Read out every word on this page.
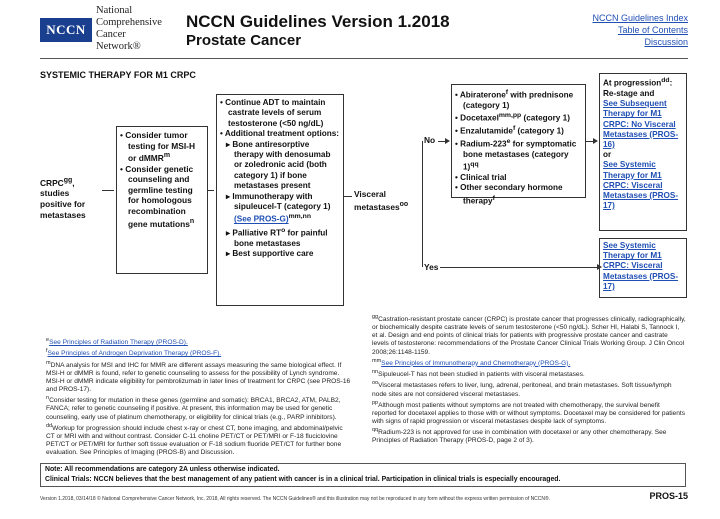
NCCN
National
Comprehensive
Cancer
Network®
NCCN Guidelines Version 1.2018
Prostate Cancer
NCCN Guidelines Index
Table of Contents
Discussion
SYSTEMIC THERAPY FOR M1 CRPC
$CRPC^{gg}$, studies positive for metastases
• Consider tumor testing for MSI-H or dMMR$^m$
• Consider genetic counseling and germline testing for homologous recombination gene mutations$^n$
• Continue ADT to maintain castrate levels of serum testosterone (<50 ng/dL)
• Additional treatment options:
▸ Bone antiresorptive therapy with denosumab or zoledronic acid (both category 1) if bone metastases present
▸ Immunotherapy with sipuleucel-T (category 1) (See PROS-G)$^{mm,nn}$
▸ Palliative $RT^o$ for painful bone metastases
▸ Best supportive care
Visceral metastases$^{oo}$
No
Yes
• Abiraterone$^f$ with prednisone (category 1)
• Docetaxel$^{mm,pp}$ (category 1)
• Enzalutamide$^f$ (category 1)
• Radium-223e for symptomatic bone metastases (category 1)$^{qq}$
• Clinical trial
• Other secondary hormone therapy$^f$
At progression$^{dd}$: Re-stage and
See Subsequent Therapy for M1 CRPC: No Visceral Metastases (PROS-16)
or
See Systemic Therapy for M1 CRPC: Visceral Metastases (PROS-17)
See Systemic Therapy for M1 CRPC: Visceral Metastases (PROS-17)

$^e$See Principles of Radiation Therapy (PROS-D).

$^f$See Principles of Androgen Deprivation Therapy (PROS-F).

$^m$DNA analysis for MSI and IHC for MMR are different assays measuring the same biological effect. If MSI-H or dMMR is found, refer to genetic counseling to assess for the possibility of Lynch syndrome. MSI-H or dMMR indicate eligibility for pembrolizumab in later lines of treatment for CRPC (see PROS-16 and PROS-17).

$^n$Consider testing for mutation in these genes (germline and somatic): BRCA1, BRCA2, ATM, PALB2, FANCA; refer to genetic counseling if positive. At present, this information may be used for genetic counseling, early use of platinum chemotherapy, or eligibility for clinical trials (e.g., PARP inhibitors).

$^{dd}$Workup for progression should include chest x-ray or chest CT, bone imaging, and abdominal/pelvic CT or MRI with and without contrast. Consider C-11 choline PET/CT or PET/MRI or F-18 fluciclovine PET/CT or PET/MRI for further soft tissue evaluation or F-18 sodium fluoride PET/CT for further bone evaluation. See Principles of Imaging (PROS-B) and Discussion.

$^{gg}$Castration-resistant prostate cancer (CRPC) is prostate cancer that progresses clinically, radiographically, or biochemically despite castrate levels of serum testosterone (<50 ng/dL). Scher HI, Halabi S, Tannock I, et al. Design and end points of clinical trials for patients with progressive prostate cancer and castrate levels of testosterone: recommendations of the Prostate Cancer Clinical Trials Working Group. J Clin Oncol 2008;26:1148-1159.

$^{mm}$See Principles of Immunotherapy and Chemotherapy (PROS-G).

$^{nn}$Sipuleucel-T has not been studied in patients with visceral metastases.

$^{oo}$Visceral metastases refers to liver, lung, adrenal, peritoneal, and brain metastases. Soft tissue/lymph node sites are not considered visceral metastases.

$^{pp}$Although most patients without symptoms are not treated with chemotherapy, the survival benefit reported for docetaxel applies to those with or without symptoms. Docetaxel may be considered for patients with signs of rapid progression or visceral metastases despite lack of symptoms.

$^{qq}$Radium-223 is not approved for use in combination with docetaxel or any other chemotherapy. See Principles of Radiation Therapy (PROS-D, page 2 of 3).

Note: All recommendations are category 2A unless otherwise indicated.
Clinical Trials: NCCN believes that the best management of any patient with cancer is in a clinical trial. Participation in clinical trials is especially encouraged.
Version 1.2018, 03/14/18 © National Comprehensive Cancer Network, Inc. 2018, All rights reserved. The NCCN Guidelines® and this illustration may not be reproduced in any form without the express written permission of NCCN®.	PROS-15
